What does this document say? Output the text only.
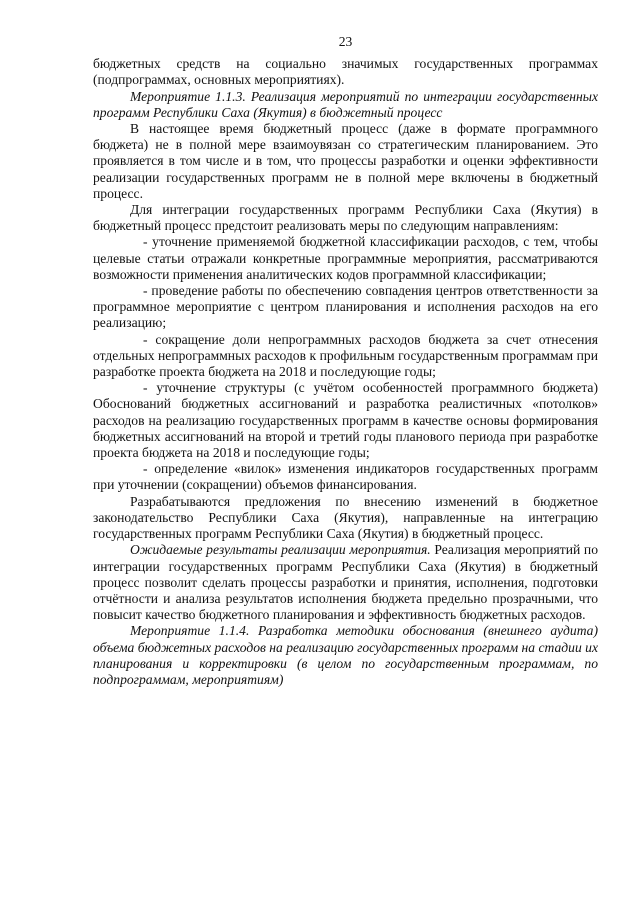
23

бюджетных средств на социально значимых государственных программах (подпрограммах, основных мероприятиях).

Мероприятие 1.1.3. Реализация мероприятий по интеграции государственных программ Республики Саха (Якутия) в бюджетный процесс

В настоящее время бюджетный процесс (даже в формате программного бюджета) не в полной мере взаимоувязан со стратегическим планированием. Это проявляется в том числе и в том, что процессы разработки и оценки эффективности реализации государственных программ не в полной мере включены в бюджетный процесс.

Для интеграции государственных программ Республики Саха (Якутия) в бюджетный процесс предстоит реализовать меры по следующим направлениям:

- уточнение применяемой бюджетной классификации расходов, с тем, чтобы целевые статьи отражали конкретные программные мероприятия, рассматриваются возможности применения аналитических кодов программной классификации;

- проведение работы по обеспечению совпадения центров ответственности за программное мероприятие с центром планирования и исполнения расходов на его реализацию;

- сокращение доли непрограммных расходов бюджета за счет отнесения отдельных непрограммных расходов к профильным государственным программам при разработке проекта бюджета на 2018 и последующие годы;

- уточнение структуры (с учётом особенностей программного бюджета) Обоснований бюджетных ассигнований и разработка реалистичных «потолков» расходов на реализацию государственных программ в качестве основы формирования бюджетных ассигнований на второй и третий годы планового периода при разработке проекта бюджета на 2018 и последующие годы;

- определение «вилок» изменения индикаторов государственных программ при уточнении (сокращении) объемов финансирования.

Разрабатываются предложения по внесению изменений в бюджетное законодательство Республики Саха (Якутия), направленные на интеграцию государственных программ Республики Саха (Якутия) в бюджетный процесс.

Ожидаемые результаты реализации мероприятия. Реализация мероприятий по интеграции государственных программ Республики Саха (Якутия) в бюджетный процесс позволит сделать процессы разработки и принятия, исполнения, подготовки отчётности и анализа результатов исполнения бюджета предельно прозрачными, что повысит качество бюджетного планирования и эффективность бюджетных расходов.

Мероприятие 1.1.4. Разработка методики обоснования (внешнего аудита) объема бюджетных расходов на реализацию государственных программ на стадии их планирования и корректировки (в целом по государственным программам, по подпрограммам, мероприятиям)
